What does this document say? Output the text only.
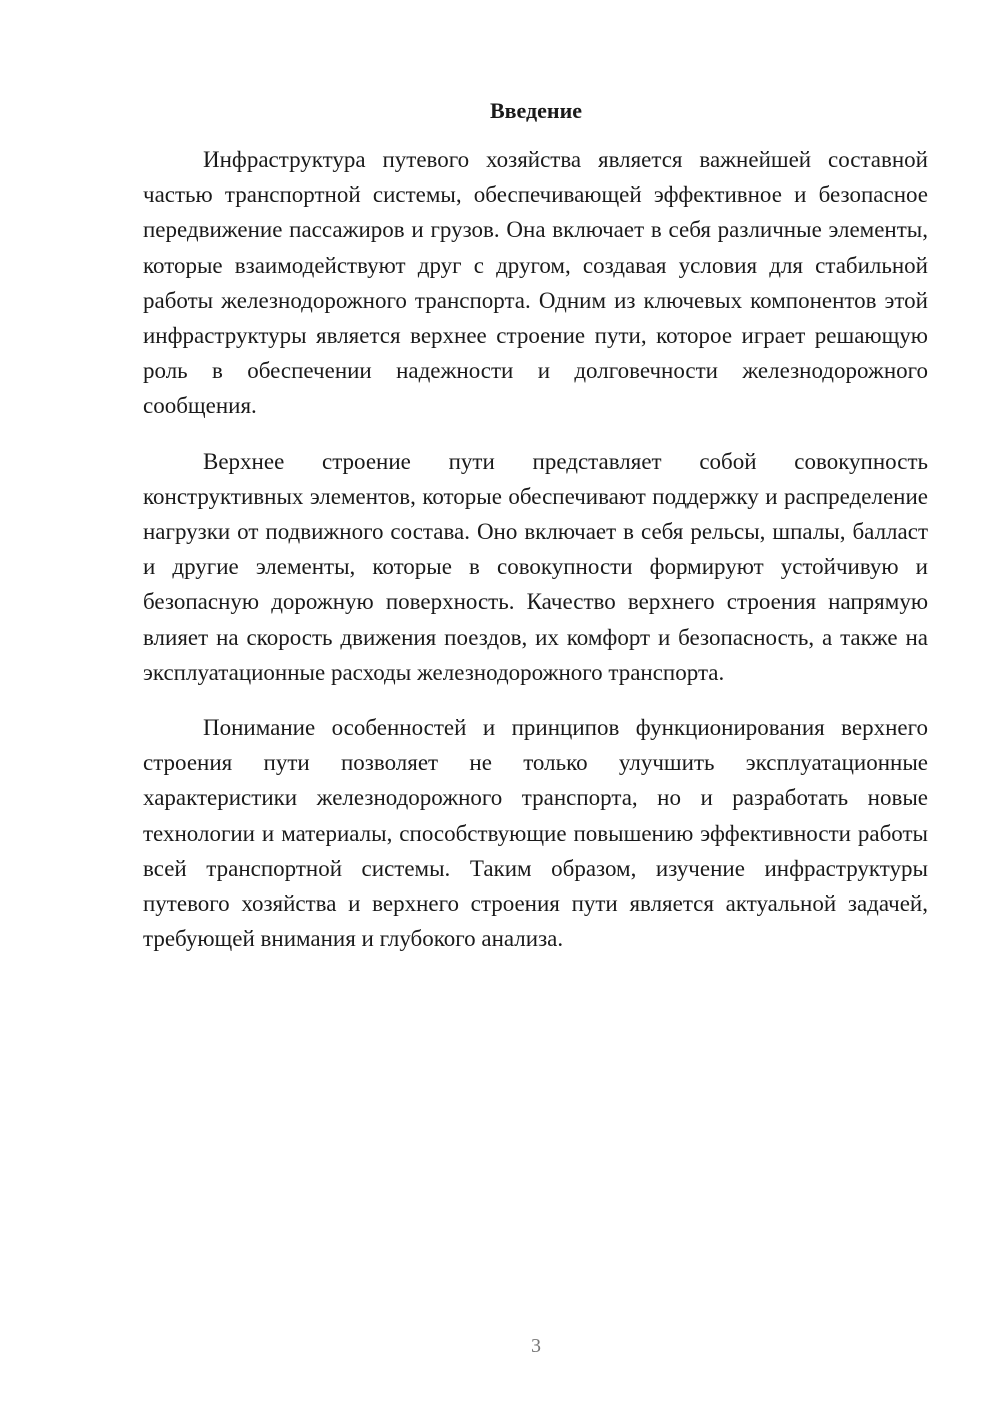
Введение

Инфраструктура путевого хозяйства является важнейшей составной частью транспортной системы, обеспечивающей эффективное и безопасное передвижение пассажиров и грузов. Она включает в себя различные элементы, которые взаимодействуют друг с другом, создавая условия для стабильной работы железнодорожного транспорта. Одним из ключевых компонентов этой инфраструктуры является верхнее строение пути, которое играет решающую роль в обеспечении надежности и долговечности железнодорожного сообщения.

Верхнее строение пути представляет собой совокупность конструктивных элементов, которые обеспечивают поддержку и распределение нагрузки от подвижного состава. Оно включает в себя рельсы, шпалы, балласт и другие элементы, которые в совокупности формируют устойчивую и безопасную дорожную поверхность. Качество верхнего строения напрямую влияет на скорость движения поездов, их комфорт и безопасность, а также на эксплуатационные расходы железнодорожного транспорта.

Понимание особенностей и принципов функционирования верхнего строения пути позволяет не только улучшить эксплуатационные характеристики железнодорожного транспорта, но и разработать новые технологии и материалы, способствующие повышению эффективности работы всей транспортной системы. Таким образом, изучение инфраструктуры путевого хозяйства и верхнего строения пути является актуальной задачей, требующей внимания и глубокого анализа.

3
